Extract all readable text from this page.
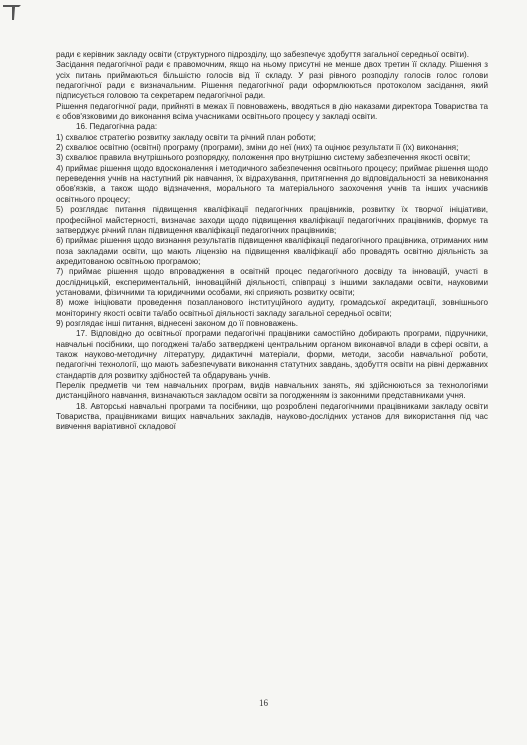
ради є керівник закладу освіти (структурного підрозділу, що забезпечує здобуття загальної середньої освіти).

Засідання педагогічної ради є правомочним, якщо на ньому присутні не менше двох третин її складу. Рішення з усіх питань приймаються більшістю голосів від її складу. У разі рівного розподілу голосів голос голови педагогічної ради є визначальним. Рішення педагогічної ради оформлюються протоколом засідання, який підписується головою та секретарем педагогічної ради.

Рішення педагогічної ради, прийняті в межах її повноважень, вводяться в дію наказами директора Товариства та є обов'язковими до виконання всіма учасниками освітнього процесу у закладі освіти.

16. Педагогічна рада:

1) схвалює стратегію розвитку закладу освіти та річний план роботи;

2) схвалює освітню (освітні) програму (програми), зміни до неї (них) та оцінює результати її (їх) виконання;

3) схвалює правила внутрішнього розпорядку, положення про внутрішню систему забезпечення якості освіти;

4) приймає рішення щодо вдосконалення і методичного забезпечення освітнього процесу; приймає рішення щодо переведення учнів на наступний рік навчання, їх відрахування, притягнення до відповідальності за невиконання обов'язків, а також щодо відзначення, морального та матеріального заохочення учнів та інших учасників освітнього процесу;

5) розглядає питання підвищення кваліфікації педагогічних працівників, розвитку їх творчої ініціативи, професійної майстерності, визначає заходи щодо підвищення кваліфікації педагогічних працівників, формує та затверджує річний план підвищення кваліфікації педагогічних працівників;

6) приймає рішення щодо визнання результатів підвищення кваліфікації педагогічного працівника, отриманих ним поза закладами освіти, що мають ліцензію на підвищення кваліфікації або провадять освітню діяльність за акредитованою освітньою програмою;

7) приймає рішення щодо впровадження в освітній процес педагогічного досвіду та інновацій, участі в дослідницькій, експериментальній, інноваційній діяльності, співпраці з іншими закладами освіти, науковими установами, фізичними та юридичними особами, які сприяють розвитку освіти;

8) може ініціювати проведення позапланового інституційного аудиту, громадської акредитації, зовнішнього моніторингу якості освіти та/або освітньої діяльності закладу загальної середньої освіти;

9) розглядає інші питання, віднесені законом до її повноважень.

17. Відповідно до освітньої програми педагогічні працівники самостійно добирають програми, підручники, навчальні посібники, що погоджені та/або затверджені центральним органом виконавчої влади в сфері освіти, а також науково-методичну літературу, дидактичні матеріали, форми, методи, засоби навчальної роботи, педагогічні технології, що мають забезпечувати виконання статутних завдань, здобуття освіти на рівні державних стандартів для розвитку здібностей та обдарувань учнів.

Перелік предметів чи тем навчальних програм, видів навчальних занять, які здійснюються за технологіями дистанційного навчання, визначаються закладом освіти за погодженням із законними представниками учня.

18. Авторські навчальні програми та посібники, що розроблені педагогічними працівниками закладу освіти Товариства, працівниками вищих навчальних закладів, науково-дослідних установ для використання під час вивчення варіативної складової

16
